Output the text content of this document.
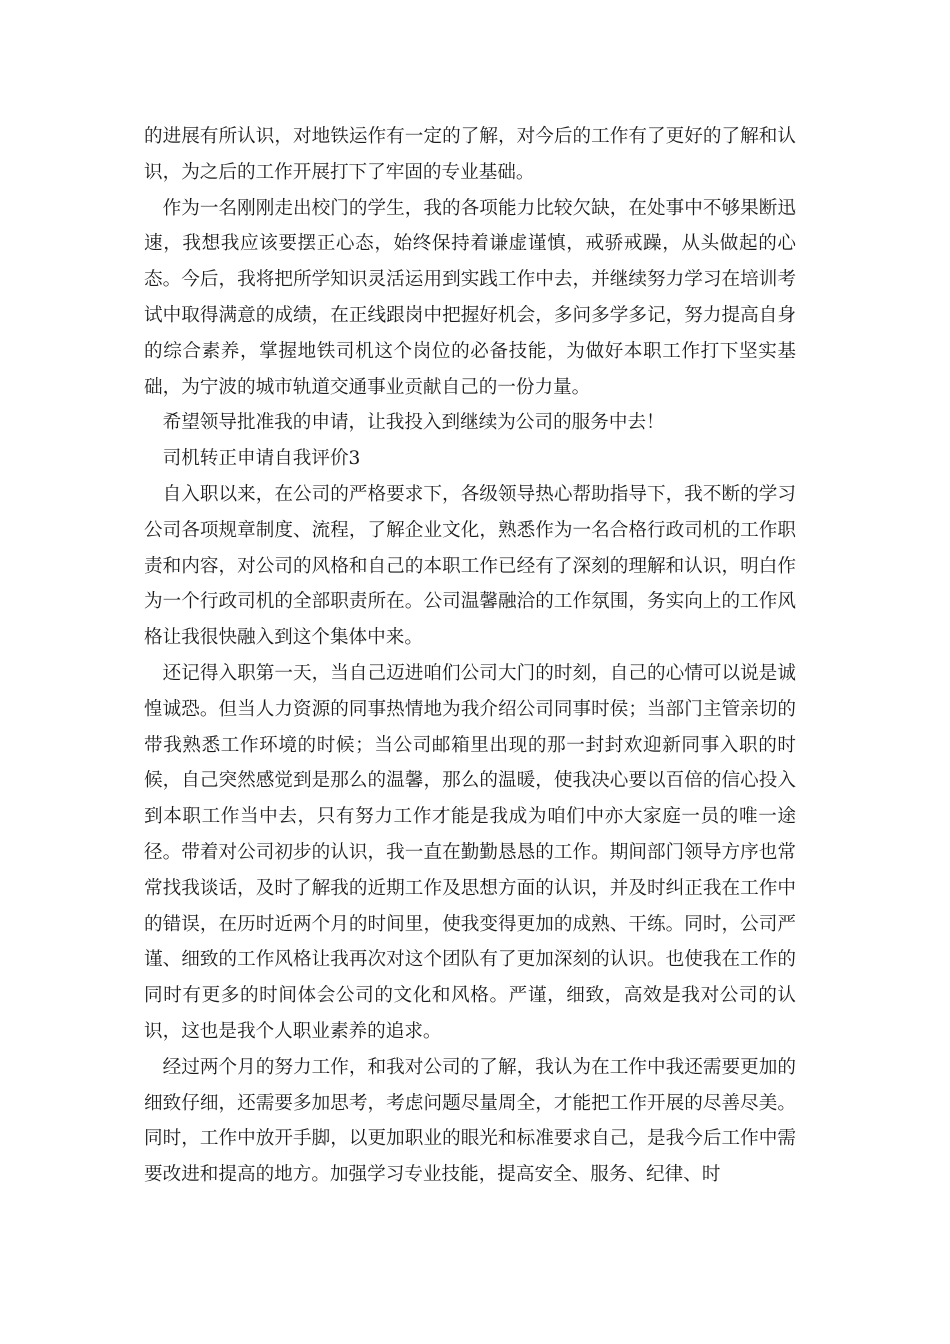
的进展有所认识，对地铁运作有一定的了解，对今后的工作有了更好的了解和认识，为之后的工作开展打下了牢固的专业基础。

作为一名刚刚走出校门的学生，我的各项能力比较欠缺，在处事中不够果断迅速，我想我应该要摆正心态，始终保持着谦虚谨慎，戒骄戒躁，从头做起的心态。今后，我将把所学知识灵活运用到实践工作中去，并继续努力学习在培训考试中取得满意的成绩，在正线跟岗中把握好机会，多问多学多记，努力提高自身的综合素养，掌握地铁司机这个岗位的必备技能，为做好本职工作打下坚实基础，为宁波的城市轨道交通事业贡献自己的一份力量。

希望领导批准我的申请，让我投入到继续为公司的服务中去！

司机转正申请自我评价3

自入职以来，在公司的严格要求下，各级领导热心帮助指导下，我不断的学习公司各项规章制度、流程，了解企业文化，熟悉作为一名合格行政司机的工作职责和内容，对公司的风格和自己的本职工作已经有了深刻的理解和认识，明白作为一个行政司机的全部职责所在。公司温馨融洽的工作氛围，务实向上的工作风格让我很快融入到这个集体中来。

还记得入职第一天，当自己迈进咱们公司大门的时刻，自己的心情可以说是诚惶诚恐。但当人力资源的同事热情地为我介绍公司同事时侯；当部门主管亲切的带我熟悉工作环境的时候；当公司邮箱里出现的那一封封欢迎新同事入职的时候，自己突然感觉到是那么的温馨，那么的温暖，使我决心要以百倍的信心投入到本职工作当中去，只有努力工作才能是我成为咱们中亦大家庭一员的唯一途径。带着对公司初步的认识，我一直在勤勤恳恳的工作。期间部门领导方序也常常找我谈话，及时了解我的近期工作及思想方面的认识，并及时纠正我在工作中的错误，在历时近两个月的时间里，使我变得更加的成熟、干练。同时，公司严谨、细致的工作风格让我再次对这个团队有了更加深刻的认识。也使我在工作的同时有更多的时间体会公司的文化和风格。严谨，细致，高效是我对公司的认识，这也是我个人职业素养的追求。

经过两个月的努力工作，和我对公司的了解，我认为在工作中我还需要更加的细致仔细，还需要多加思考，考虑问题尽量周全，才能把工作开展的尽善尽美。同时，工作中放开手脚，以更加职业的眼光和标准要求自己，是我今后工作中需要改进和提高的地方。加强学习专业技能，提高安全、服务、纪律、时
